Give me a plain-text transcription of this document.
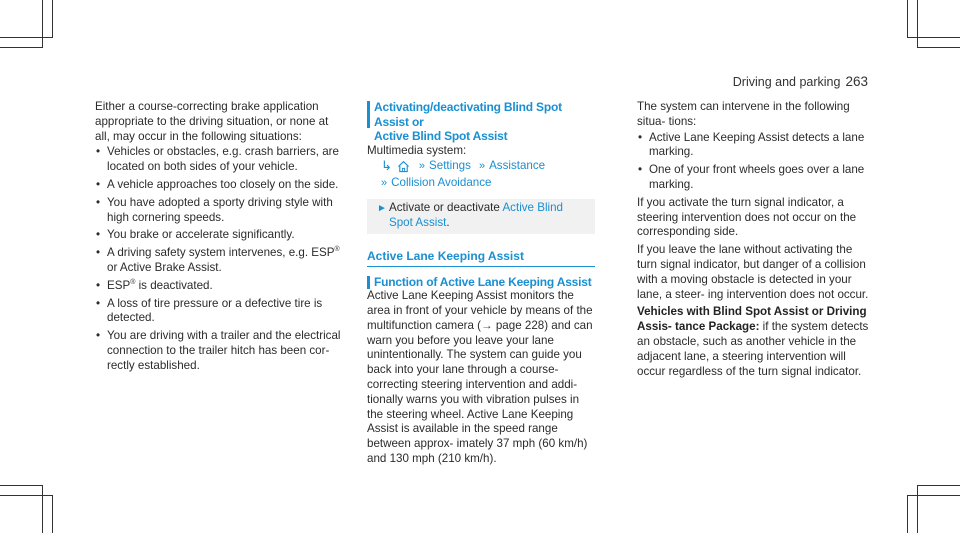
Driving and parking 263

Either a course-correcting brake application appropriate to the driving situation, or none at all, may occur in the following situations:

• Vehicles or obstacles, e.g. crash barriers, are located on both sides of your vehicle.
• A vehicle approaches too closely on the side.
• You have adopted a sporty driving style with high cornering speeds.
• You brake or accelerate significantly.
• A driving safety system intervenes, e.g. ESP®
or Active Brake Assist.
• ESP® is deactivated.
• A loss of tire pressure or a defective tire is detected.
• You are driving with a trailer and the electrical connection to the trailer hitch has been cor- rectly established.
Activating/deactivating Blind Spot Assist or
Active Blind Spot Assist

Multimedia system:

↳ » Settings » Assistance
» Collision Avoidance
► Activate or deactivate Active Blind Spot Assist.
Active Lane Keeping Assist
Function of Active Lane Keeping Assist

Active Lane Keeping Assist monitors the area in front of your vehicle by means of the multifunction camera (→ page 228) and can warn you before you leave your lane unintentionally. The system can guide you back into your lane through a course-correcting steering intervention and addi- tionally warns you with vibration pulses in the steering wheel. Active Lane Keeping Assist is available in the speed range between approx- imately 37 mph (60 km/h) and 130 mph (210 km/h).

The system can intervene in the following situa- tions:

• Active Lane Keeping Assist detects a lane marking.
• One of your front wheels goes over a lane marking.

If you activate the turn signal indicator, a steering intervention does not occur on the corresponding side.

If you leave the lane without activating the turn signal indicator, but danger of a collision with a moving obstacle is detected in your lane, a steer- ing intervention does not occur.

Vehicles with Blind Spot Assist or Driving Assis- tance Package: if the system detects an obstacle, such as another vehicle in the adjacent lane, a steering intervention will occur regardless of the turn signal indicator.
